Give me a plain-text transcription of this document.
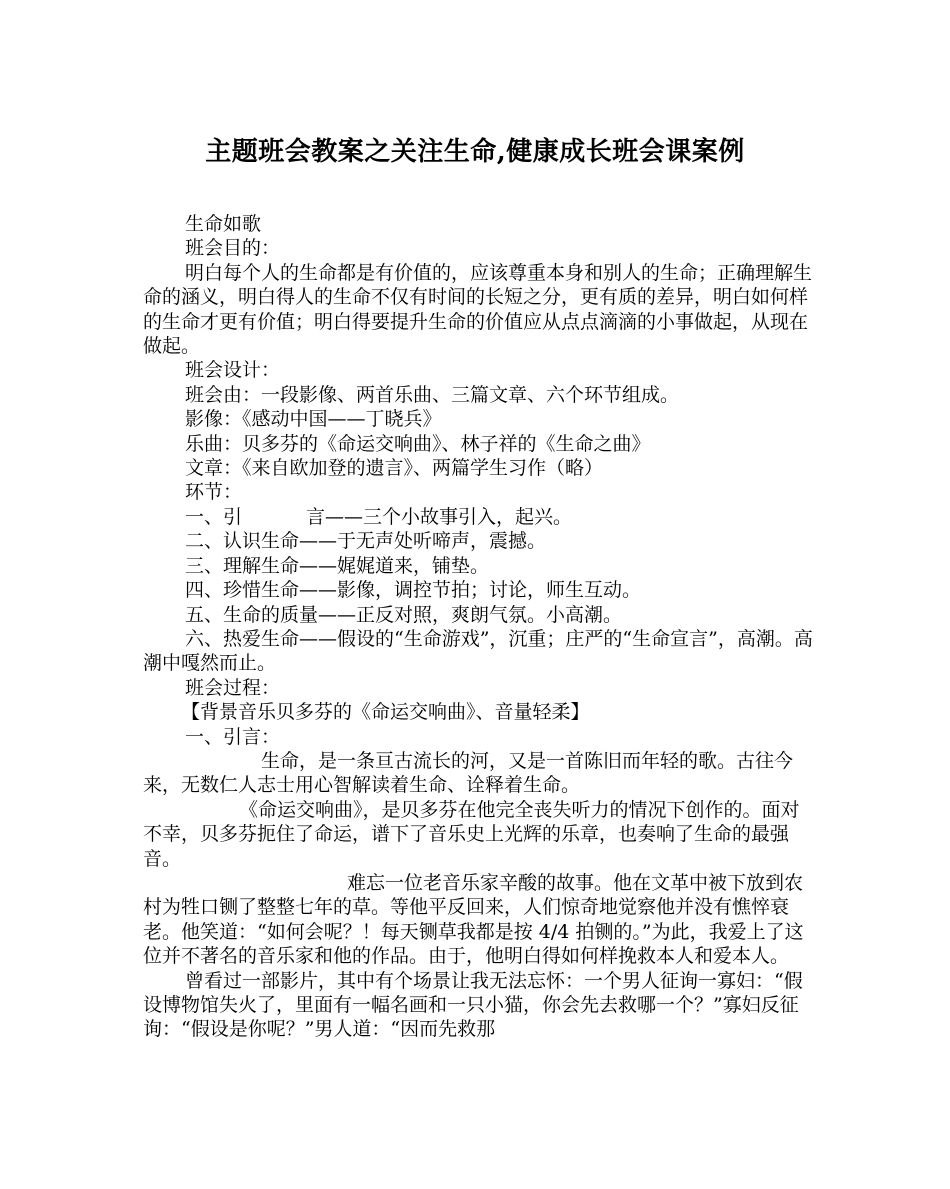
主题班会教案之关注生命,健康成长班会课案例

生命如歌

班会目的：

明白每个人的生命都是有价值的，应该尊重本身和别人的生命；正确理解生命的涵义，明白得人的生命不仅有时间的长短之分，更有质的差异，明白如何样的生命才更有价值；明白得要提升生命的价值应从点点滴滴的小事做起，从现在做起。

班会设计：

班会由：一段影像、两首乐曲、三篇文章、六个环节组成。

影像：《感动中国——丁晓兵》

乐曲：贝多芬的《命运交响曲》、林子祥的《生命之曲》

文章：《来自欧加登的遗言》、两篇学生习作（略）

环节：

一、引	言——三个小故事引入，起兴。

二、认识生命——于无声处听啼声，震撼。

三、理解生命——娓娓道来，铺垫。

四、珍惜生命——影像，调控节拍；讨论，师生互动。

五、生命的质量——正反对照，爽朗气氛。小高潮。

六、热爱生命——假设的“生命游戏”，沉重；庄严的“生命宣言”，高潮。高潮中嘎然而止。

班会过程：

【背景音乐贝多芬的《命运交响曲》、音量轻柔】

一、引言：

生命，是一条亘古流长的河，又是一首陈旧而年轻的歌。古往今来，无数仁人志士用心智解读着生命、诠释着生命。

《命运交响曲》，是贝多芬在他完全丧失听力的情况下创作的。面对不幸，贝多芬扼住了命运，谱下了音乐史上光辉的乐章，也奏响了生命的最强音。

难忘一位老音乐家辛酸的故事。他在文革中被下放到农村为牲口铡了整整七年的草。等他平反回来，人们惊奇地觉察他并没有憔悴衰老。他笑道：“如何会呢？！每天铡草我都是按 4/4 拍铡的。”为此，我爱上了这位并不著名的音乐家和他的作品。由于，他明白得如何样挽救本人和爱本人。

曾看过一部影片，其中有个场景让我无法忘怀：一个男人征询一寡妇：“假设博物馆失火了，里面有一幅名画和一只小猫，你会先去救哪一个？”寡妇反征询：“假设是你呢？”男人道：“因而先救那
